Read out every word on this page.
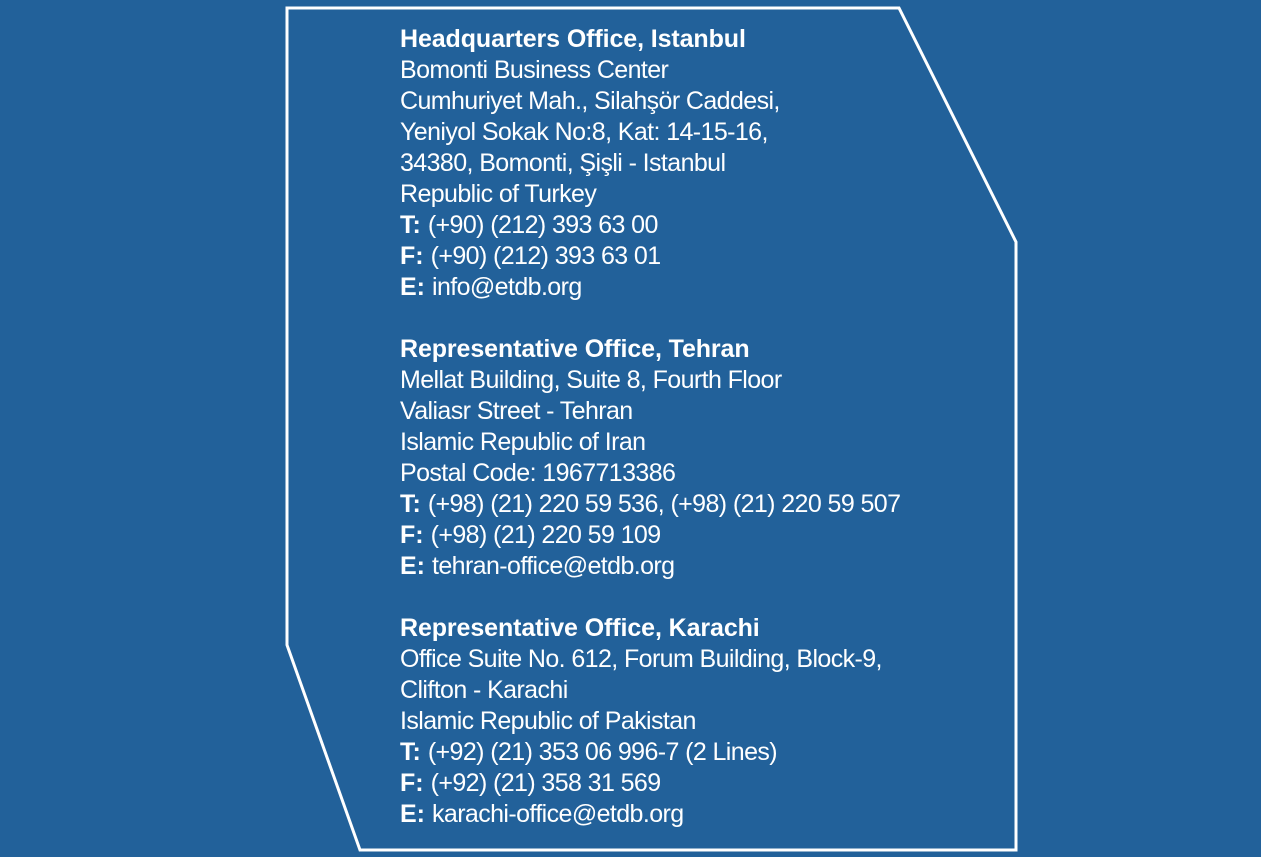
Headquarters Office, Istanbul
Bomonti Business Center
Cumhuriyet Mah., Silahşör Caddesi,
Yeniyol Sokak No:8, Kat: 14-15-16,
34380, Bomonti, Şişli - Istanbul
Republic of Turkey
T: (+90) (212) 393 63 00
F: (+90) (212) 393 63 01
E: info@etdb.org
Representative Office, Tehran
Mellat Building, Suite 8, Fourth Floor
Valiasr Street - Tehran
Islamic Republic of Iran
Postal Code: 1967713386
T: (+98) (21) 220 59 536, (+98) (21) 220 59 507
F: (+98) (21) 220 59 109
E: tehran-office@etdb.org
Representative Office, Karachi
Office Suite No. 612, Forum Building, Block-9,
Clifton - Karachi
Islamic Republic of Pakistan
T: (+92) (21) 353 06 996-7 (2 Lines)
F: (+92) (21) 358 31 569
E: karachi-office@etdb.org
